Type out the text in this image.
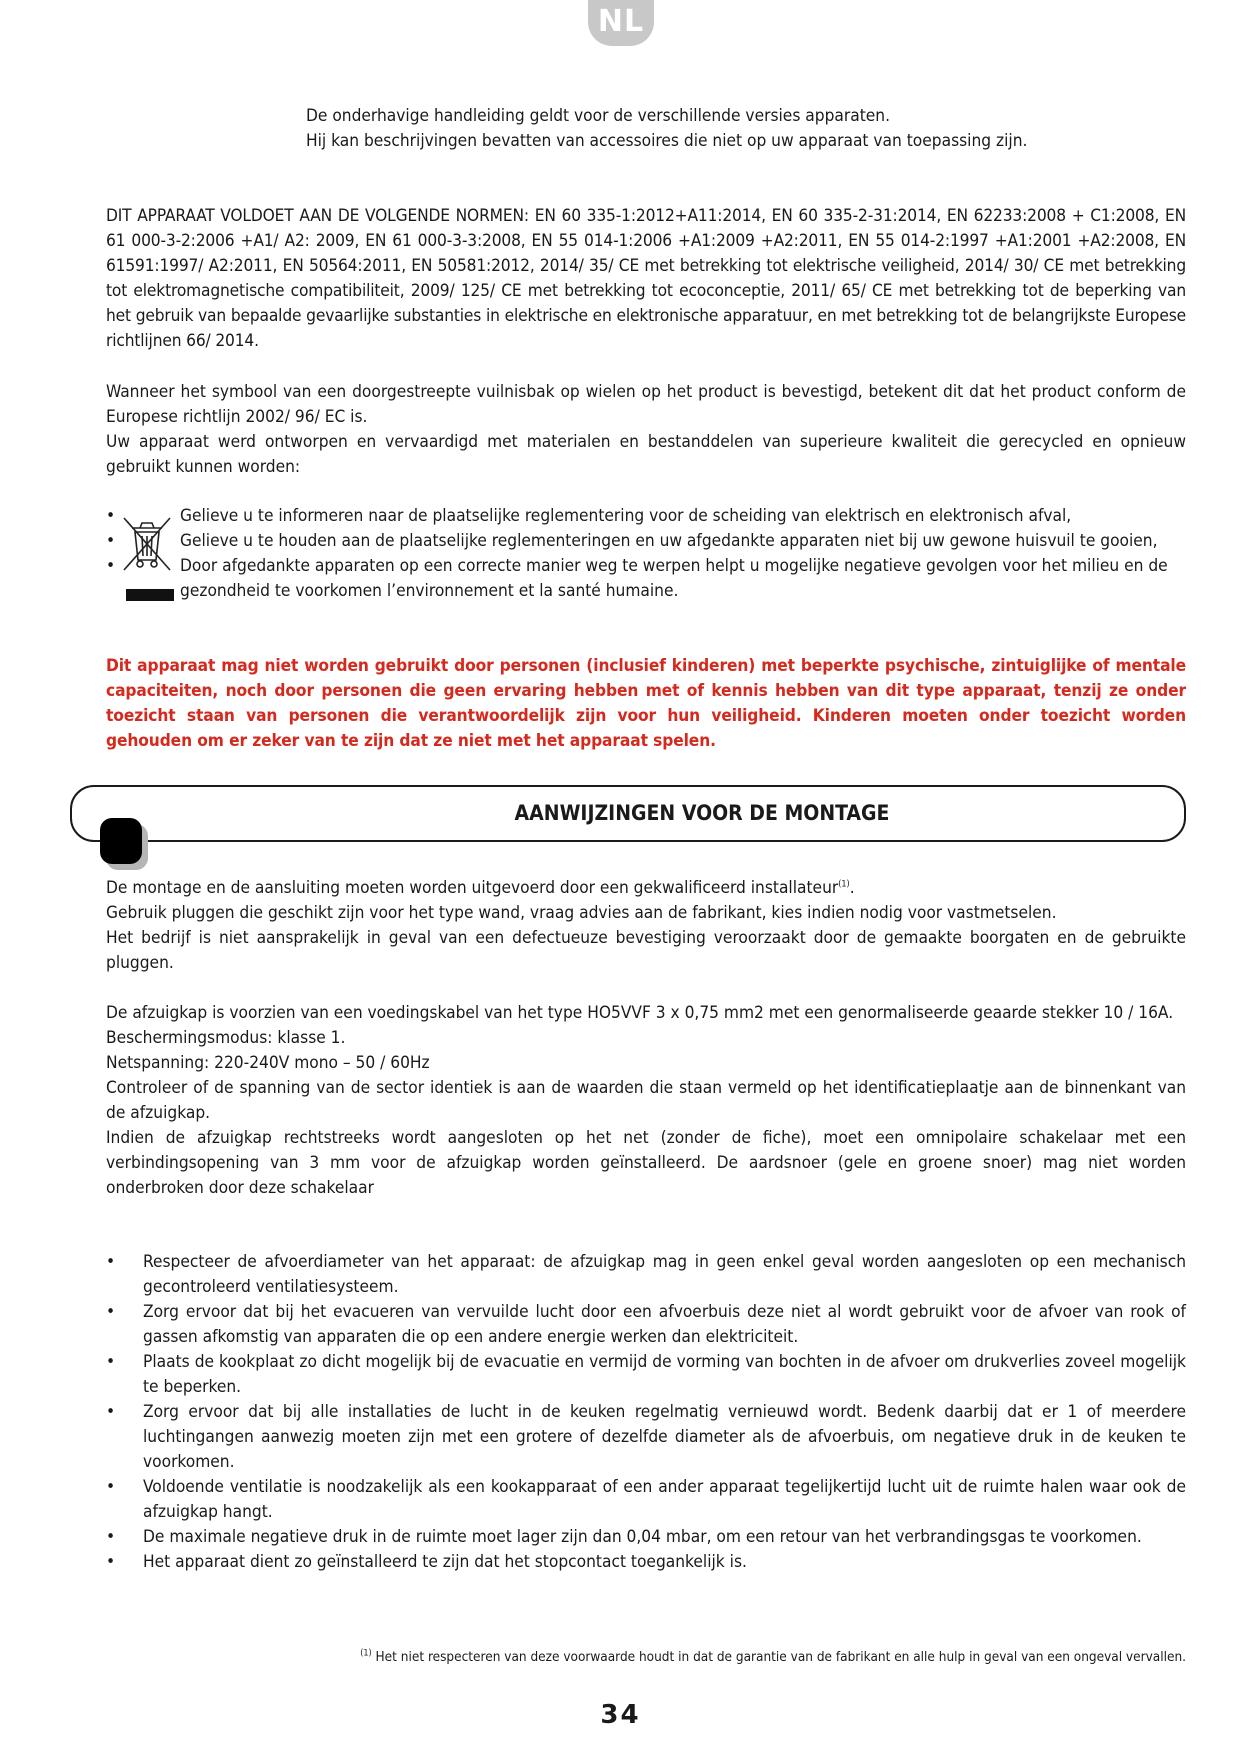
NL
De onderhavige handleiding geldt voor de verschillende versies apparaten.
Hij kan beschrijvingen bevatten van accessoires die niet op uw apparaat van toepassing zijn.

DIT APPARAAT VOLDOET AAN DE VOLGENDE NORMEN: EN 60 335-1:2012+A11:2014, EN 60 335-2-31:2014, EN 62233:2008 + C1:2008, EN 61 000-3-2:2006 +A1/ A2: 2009, EN 61 000-3-3:2008, EN 55 014-1:2006 +A1:2009 +A2:2011, EN 55 014-2:1997 +A1:2001 +A2:2008, EN 61591:1997/ A2:2011, EN 50564:2011, EN 50581:2012, 2014/ 35/ CE met betrekking tot elektrische veiligheid, 2014/ 30/ CE met betrekking tot elektromagnetische compatibiliteit, 2009/ 125/ CE met betrekking tot ecoconceptie, 2011/ 65/ CE met betrekking tot de beperking van het gebruik van bepaalde gevaarlijke substanties in elektrische en elektronische apparatuur, en met betrekking tot de belangrijkste Europese richtlijnen 66/ 2014.

Wanneer het symbool van een doorgestreepte vuilnisbak op wielen op het product is bevestigd, betekent dit dat het product conform de Europese richtlijn 2002/ 96/ EC is.
Uw apparaat werd ontworpen en vervaardigd met materialen en bestanddelen van superieure kwaliteit die gerecycled en opnieuw gebruikt kunnen worden:
•	Gelieve u te informeren naar de plaatselijke reglementering voor de scheiding van elektrisch en elektronisch afval,
•	Gelieve u te houden aan de plaatselijke reglementeringen en uw afgedankte apparaten niet bij uw gewone huisvuil te gooien,
•	Door afgedankte apparaten op een correcte manier weg te werpen helpt u mogelijke negatieve gevolgen voor het milieu en de gezondheid te voorkomen l’environnement et la santé humaine.

Dit apparaat mag niet worden gebruikt door personen (inclusief kinderen) met beperkte psychische, zintuiglijke of mentale capaciteiten, noch door personen die geen ervaring hebben met of kennis hebben van dit type apparaat, tenzij ze onder toezicht staan van personen die verantwoordelijk zijn voor hun veiligheid. Kinderen moeten onder toezicht worden gehouden om er zeker van te zijn dat ze niet met het apparaat spelen.

AANWIJZINGEN VOOR DE MONTAGE
De montage en de aansluiting moeten worden uitgevoerd door een gekwalificeerd installateur$^{(1)}$.
Gebruik pluggen die geschikt zijn voor het type wand, vraag advies aan de fabrikant, kies indien nodig voor vastmetselen.
Het bedrijf is niet aansprakelijk in geval van een defectueuze bevestiging veroorzaakt door de gemaakte boorgaten en de gebruikte pluggen.
De afzuigkap is voorzien van een voedingskabel van het type HO5VVF 3 x 0,75 mm2 met een genormaliseerde geaarde stekker 10 / 16A.
Beschermingsmodus: klasse 1.
Netspanning: 220-240V mono – 50 / 60Hz
Controleer of de spanning van de sector identiek is aan de waarden die staan vermeld op het identificatieplaatje aan de binnenkant van de afzuigkap.
Indien de afzuigkap rechtstreeks wordt aangesloten op het net (zonder de fiche), moet een omnipolaire schakelaar met een verbindingsopening van 3 mm voor de afzuigkap worden geïnstalleerd. De aardsnoer (gele en groene snoer) mag niet worden onderbroken door deze schakelaar
• Respecteer de afvoerdiameter van het apparaat: de afzuigkap mag in geen enkel geval worden aangesloten op een mechanisch gecontroleerd ventilatiesysteem.
• Zorg ervoor dat bij het evacueren van vervuilde lucht door een afvoerbuis deze niet al wordt gebruikt voor de afvoer van rook of gassen afkomstig van apparaten die op een andere energie werken dan elektriciteit.
• Plaats de kookplaat zo dicht mogelijk bij de evacuatie en vermijd de vorming van bochten in de afvoer om drukverlies zoveel mogelijk te beperken.
• Zorg ervoor dat bij alle installaties de lucht in de keuken regelmatig vernieuwd wordt. Bedenk daarbij dat er 1 of meerdere luchtingangen aanwezig moeten zijn met een grotere of dezelfde diameter als de afvoerbuis, om negatieve druk in de keuken te voorkomen.
• Voldoende ventilatie is noodzakelijk als een kookapparaat of een ander apparaat tegelijkertijd lucht uit de ruimte halen waar ook de afzuigkap hangt.
• De maximale negatieve druk in de ruimte moet lager zijn dan 0,04 mbar, om een retour van het verbrandingsgas te voorkomen.
• Het apparaat dient zo geïnstalleerd te zijn dat het stopcontact toegankelijk is.
$^{(1)}$ Het niet respecteren van deze voorwaarde houdt in dat de garantie van de fabrikant en alle hulp in geval van een ongeval vervallen.
34
